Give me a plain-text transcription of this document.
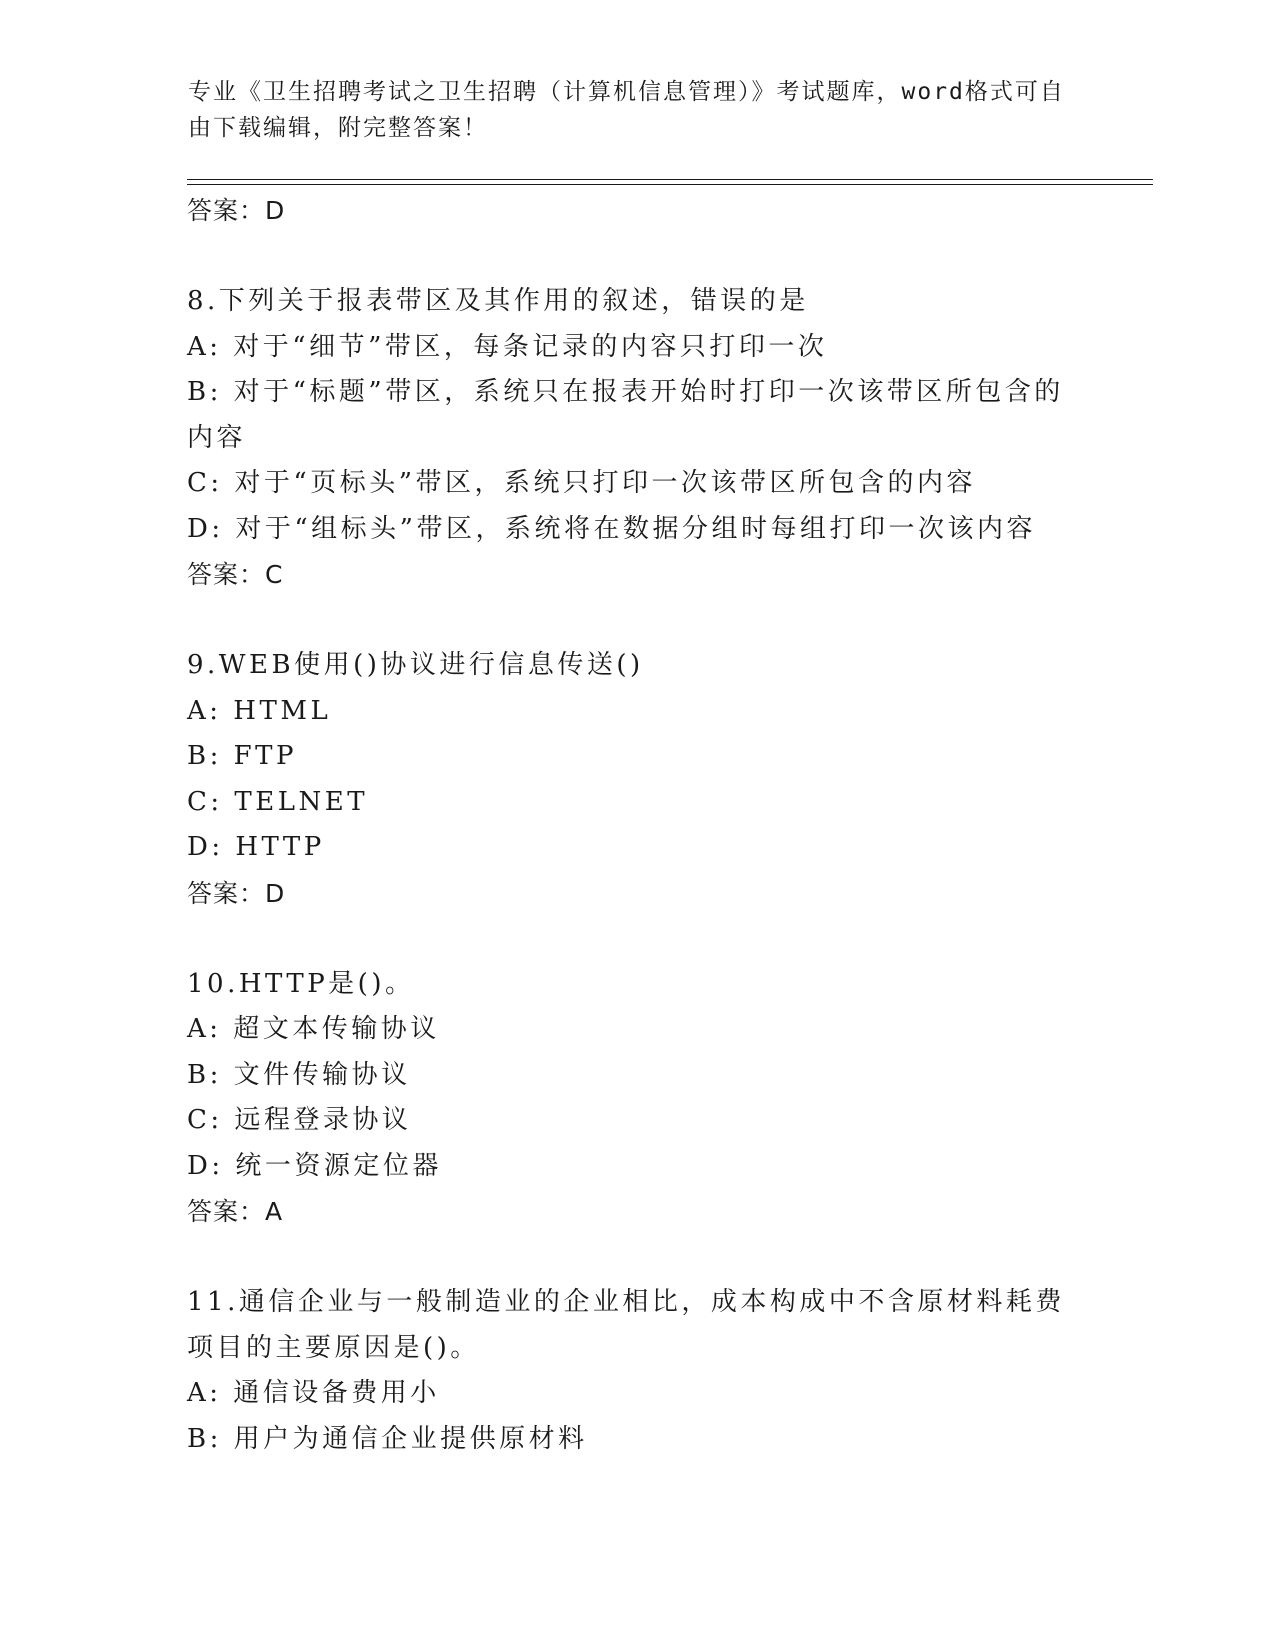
专业《卫生招聘考试之卫生招聘（计算机信息管理）》考试题库，word格式可自由下载编辑，附完整答案！
答案：D

8.下列关于报表带区及其作用的叙述，错误的是

A: 对于“细节”带区，每条记录的内容只打印一次

B: 对于“标题”带区，系统只在报表开始时打印一次该带区所包含的内容

C: 对于“页标头”带区，系统只打印一次该带区所包含的内容

D: 对于“组标头”带区，系统将在数据分组时每组打印一次该内容

答案：C

9.WEB使用()协议进行信息传送()

A: HTML

B: FTP

C: TELNET

D: HTTP

答案：D

10.HTTP是()。

A: 超文本传输协议

B: 文件传输协议

C: 远程登录协议

D: 统一资源定位器

答案：A

11.通信企业与一般制造业的企业相比，成本构成中不含原材料耗费项目的主要原因是()。

A: 通信设备费用小

B: 用户为通信企业提供原材料
